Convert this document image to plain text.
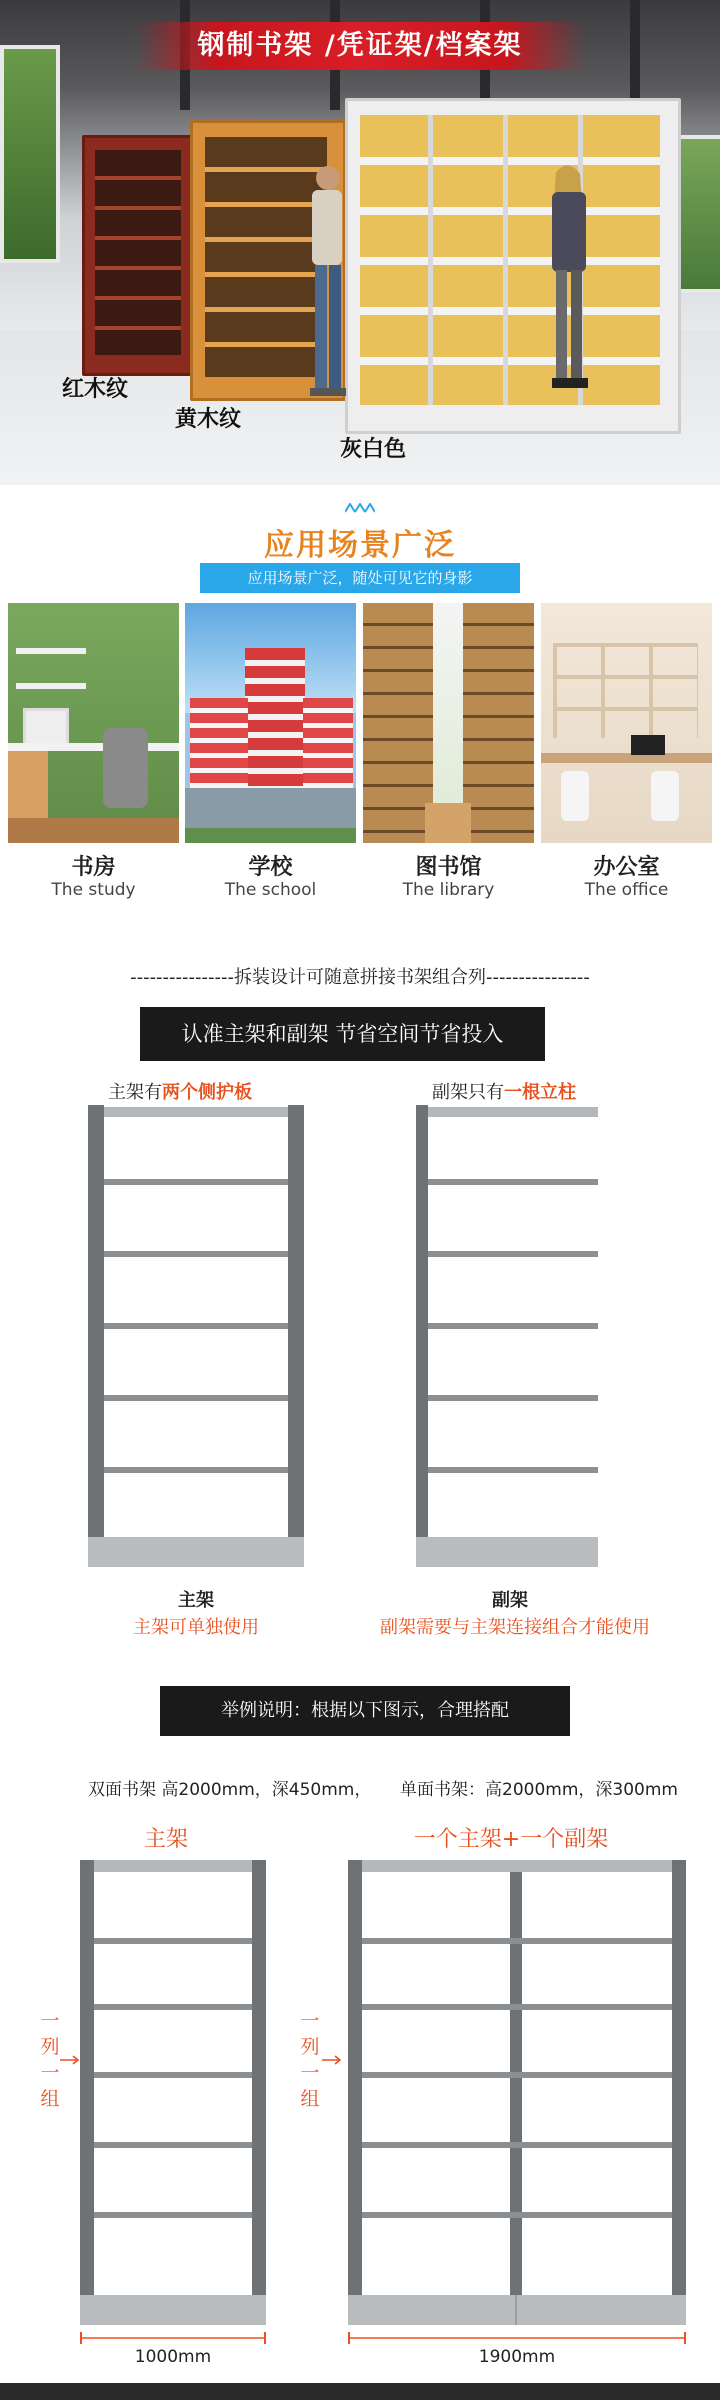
钢制书架 /凭证架/档案架
红木纹
黄木纹
灰白色
应用场景广泛
应用场景广泛，随处可见它的身影
书房
The study
学校
The school
图书馆
The library
办公室
The office
----------------拆装设计可随意拼接书架组合列----------------
认准主架和副架 节省空间节省投入
主架有两个侧护板	副架只有一根立柱
主架
主架可单独使用
副架
副架需要与主架连接组合才能使用
举例说明：根据以下图示，合理搭配
双面书架 高2000mm，深450mm， 单面书架：高2000mm，深300mm
主架	一个主架+一个副架
一
列
一
组
一
列
一
组
1000mm	1900mm
